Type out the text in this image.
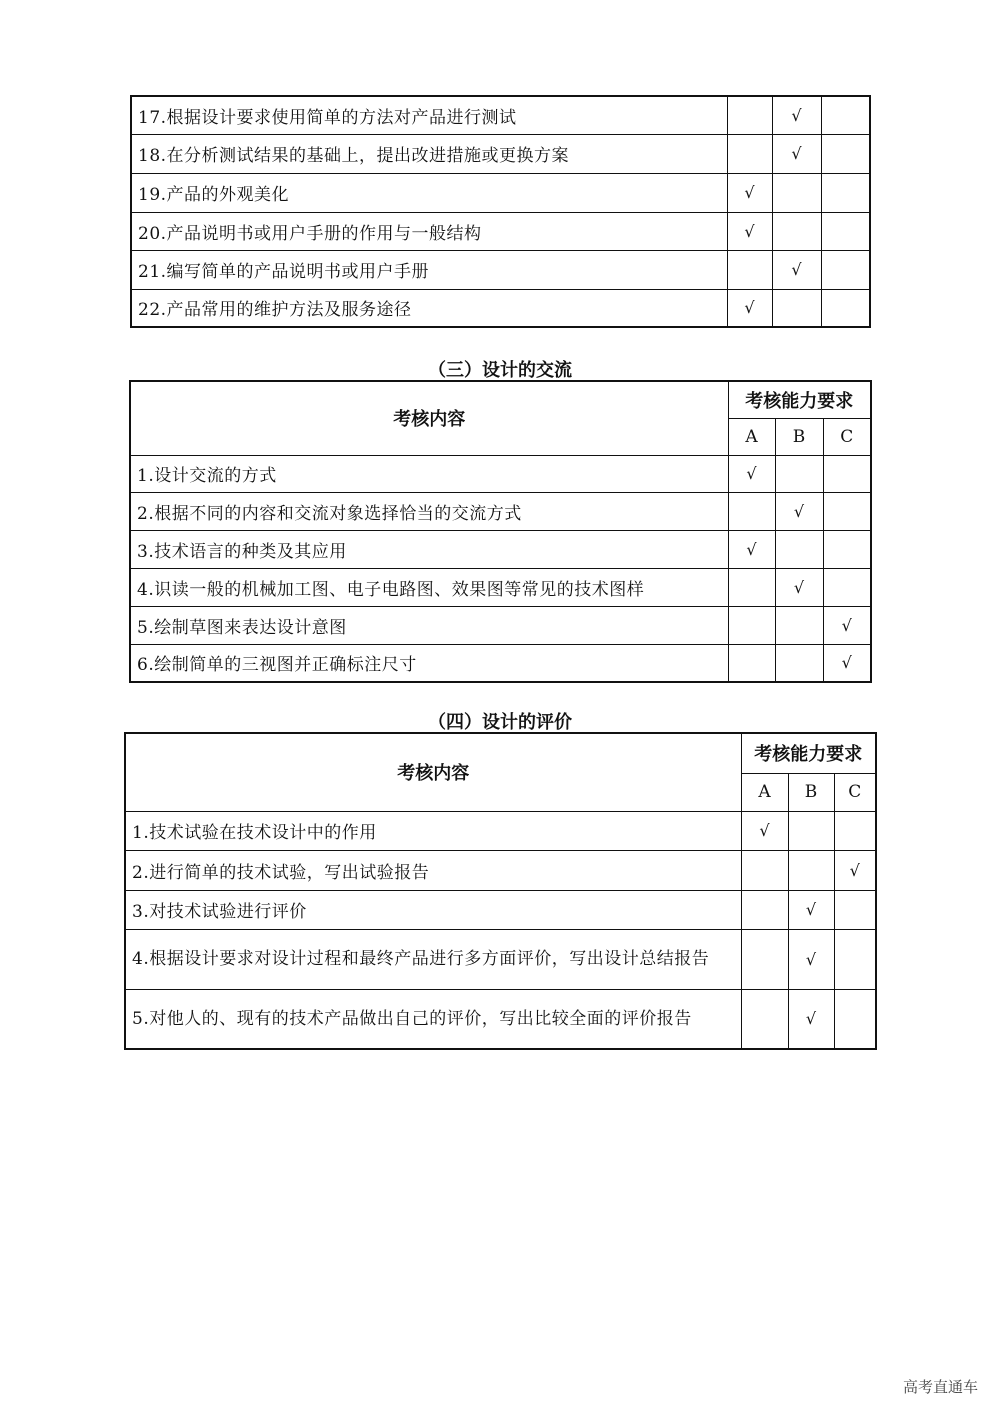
17.根据设计要求使用简单的方法对产品进行测试		√	
18.在分析测试结果的基础上，提出改进措施或更换方案		√	
19.产品的外观美化	√		
20.产品说明书或用户手册的作用与一般结构	√		
21.编写简单的产品说明书或用户手册		√	
22.产品常用的维护方法及服务途径	√		
（三）设计的交流
考核内容	考核能力要求		
	A	B	C
1.设计交流的方式	√		
2.根据不同的内容和交流对象选择恰当的交流方式		√	
3.技术语言的种类及其应用	√		
4.识读一般的机械加工图、电子电路图、效果图等常见的技术图样		√	
5.绘制草图来表达设计意图			√
6.绘制简单的三视图并正确标注尺寸			√
（四）设计的评价
考核内容	考核能力要求		
	A	B	C
1.技术试验在技术设计中的作用	√		
2.进行简单的技术试验，写出试验报告			√
3.对技术试验进行评价		√	
4.根据设计要求对设计过程和最终产品进行多方面评价，写出设计总结报告		√	
5.对他人的、现有的技术产品做出自己的评价，写出比较全面的评价报告		√	
高考直通车
